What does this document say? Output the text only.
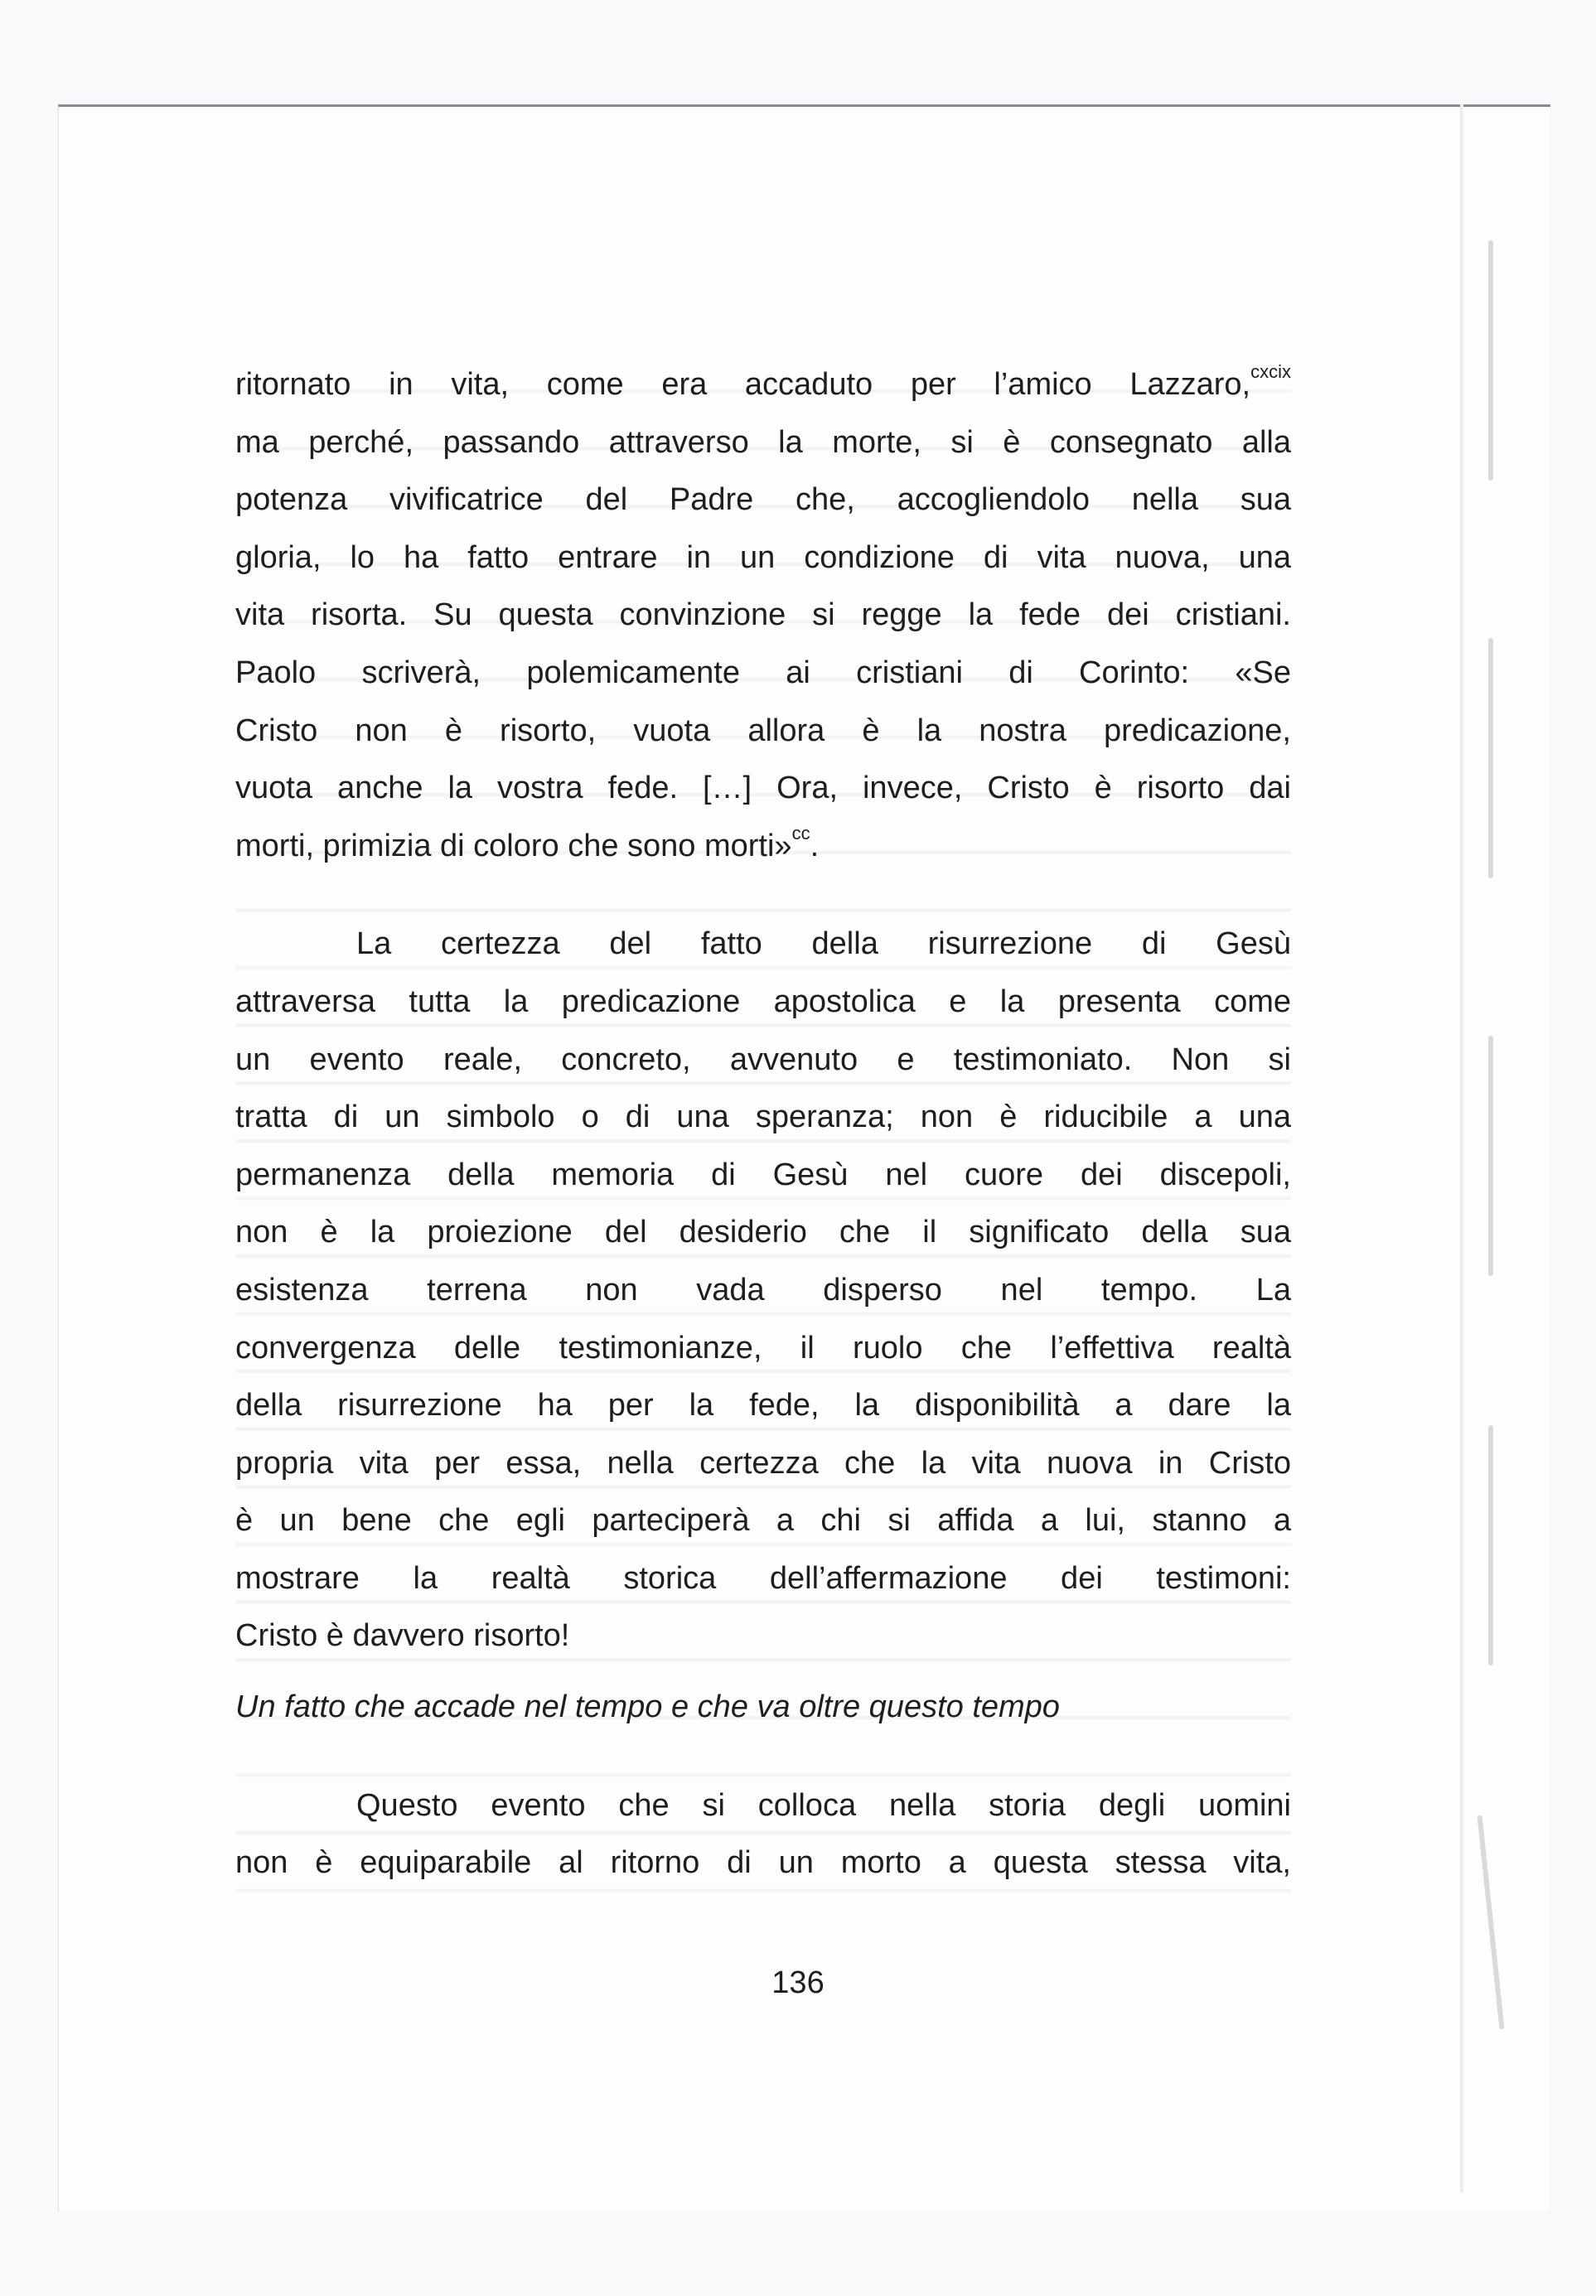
ritornato in vita, come era accaduto per l’amico Lazzaro,$^{cxcix}$
ma perché, passando attraverso la morte, si è consegnato alla
potenza vivificatrice del Padre che, accogliendolo nella sua
gloria, lo ha fatto entrare in un condizione di vita nuova, una
vita risorta. Su questa convinzione si regge la fede dei cristiani.
Paolo scriverà, polemicamente ai cristiani di Corinto: «Se
Cristo non è risorto, vuota allora è la nostra predicazione,
vuota anche la vostra fede. […] Ora, invece, Cristo è risorto dai
morti, primizia di coloro che sono morti»$^{cc}$.

La certezza del fatto della risurrezione di Gesù
attraversa tutta la predicazione apostolica e la presenta come
un evento reale, concreto, avvenuto e testimoniato. Non si
tratta di un simbolo o di una speranza; non è riducibile a una
permanenza della memoria di Gesù nel cuore dei discepoli,
non è la proiezione del desiderio che il significato della sua
esistenza terrena non vada disperso nel tempo. La
convergenza delle testimonianze, il ruolo che l’effettiva realtà
della risurrezione ha per la fede, la disponibilità a dare la
propria vita per essa, nella certezza che la vita nuova in Cristo
è un bene che egli parteciperà a chi si affida a lui, stanno a
mostrare la realtà storica dell’affermazione dei testimoni:
Cristo è davvero risorto!

Un fatto che accade nel tempo e che va oltre questo tempo

Questo evento che si colloca nella storia degli uomini
non è equiparabile al ritorno di un morto a questa stessa vita,

136
